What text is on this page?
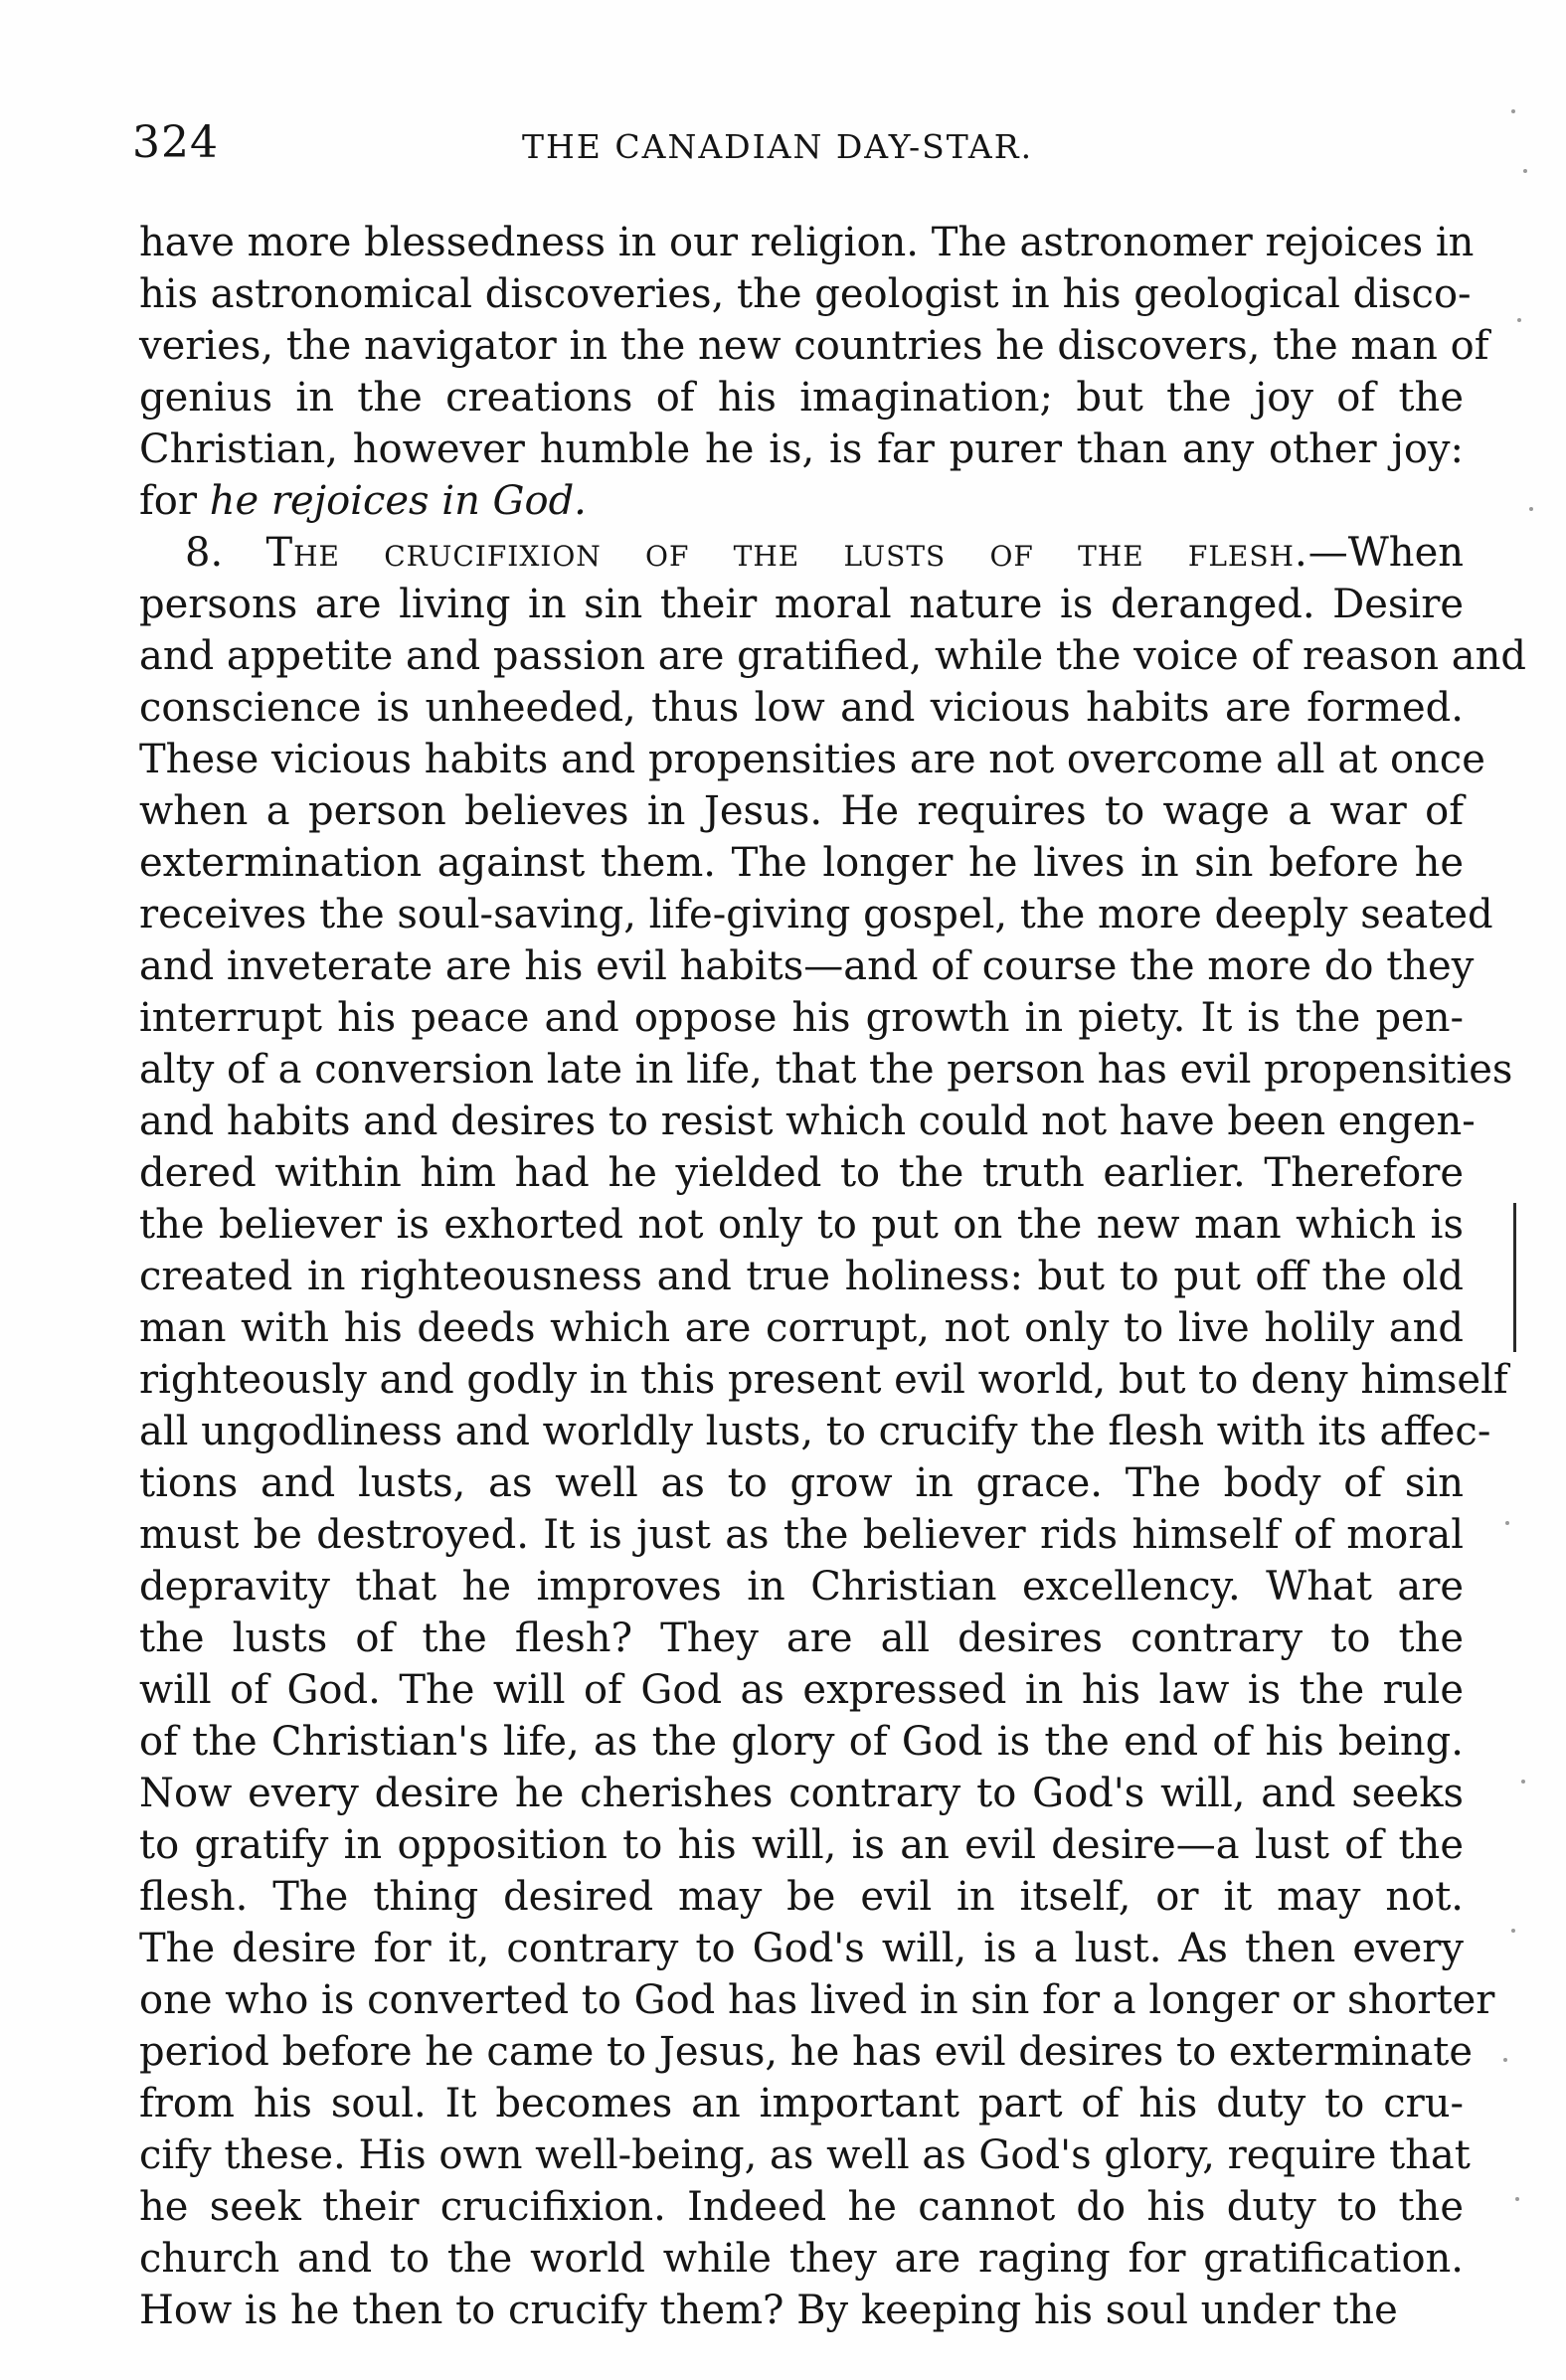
324	THE CANADIAN DAY-STAR.
have more blessedness in our religion. The astronomer rejoices in
his astronomical discoveries, the geologist in his geological disco-
veries, the navigator in the new countries he discovers, the man of
genius in the creations of his imagination; but the joy of the
Christian, however humble he is, is far purer than any other joy:
for he rejoices in God.
8. The crucifixion of the lusts of the flesh.—When
persons are living in sin their moral nature is deranged. Desire
and appetite and passion are gratified, while the voice of reason and
conscience is unheeded, thus low and vicious habits are formed.
These vicious habits and propensities are not overcome all at once
when a person believes in Jesus. He requires to wage a war of
extermination against them. The longer he lives in sin before he
receives the soul-saving, life-giving gospel, the more deeply seated
and inveterate are his evil habits—and of course the more do they
interrupt his peace and oppose his growth in piety. It is the pen-
alty of a conversion late in life, that the person has evil propensities
and habits and desires to resist which could not have been engen-
dered within him had he yielded to the truth earlier. Therefore
the believer is exhorted not only to put on the new man which is
created in righteousness and true holiness: but to put off the old
man with his deeds which are corrupt, not only to live holily and
righteously and godly in this present evil world, but to deny himself
all ungodliness and worldly lusts, to crucify the flesh with its affec-
tions and lusts, as well as to grow in grace. The body of sin
must be destroyed. It is just as the believer rids himself of moral
depravity that he improves in Christian excellency. What are
the lusts of the flesh? They are all desires contrary to the
will of God. The will of God as expressed in his law is the rule
of the Christian's life, as the glory of God is the end of his being.
Now every desire he cherishes contrary to God's will, and seeks
to gratify in opposition to his will, is an evil desire—a lust of the
flesh. The thing desired may be evil in itself, or it may not.
The desire for it, contrary to God's will, is a lust. As then every
one who is converted to God has lived in sin for a longer or shorter
period before he came to Jesus, he has evil desires to exterminate
from his soul. It becomes an important part of his duty to cru-
cify these. His own well-being, as well as God's glory, require that
he seek their crucifixion. Indeed he cannot do his duty to the
church and to the world while they are raging for gratification.
How is he then to crucify them? By keeping his soul under the
